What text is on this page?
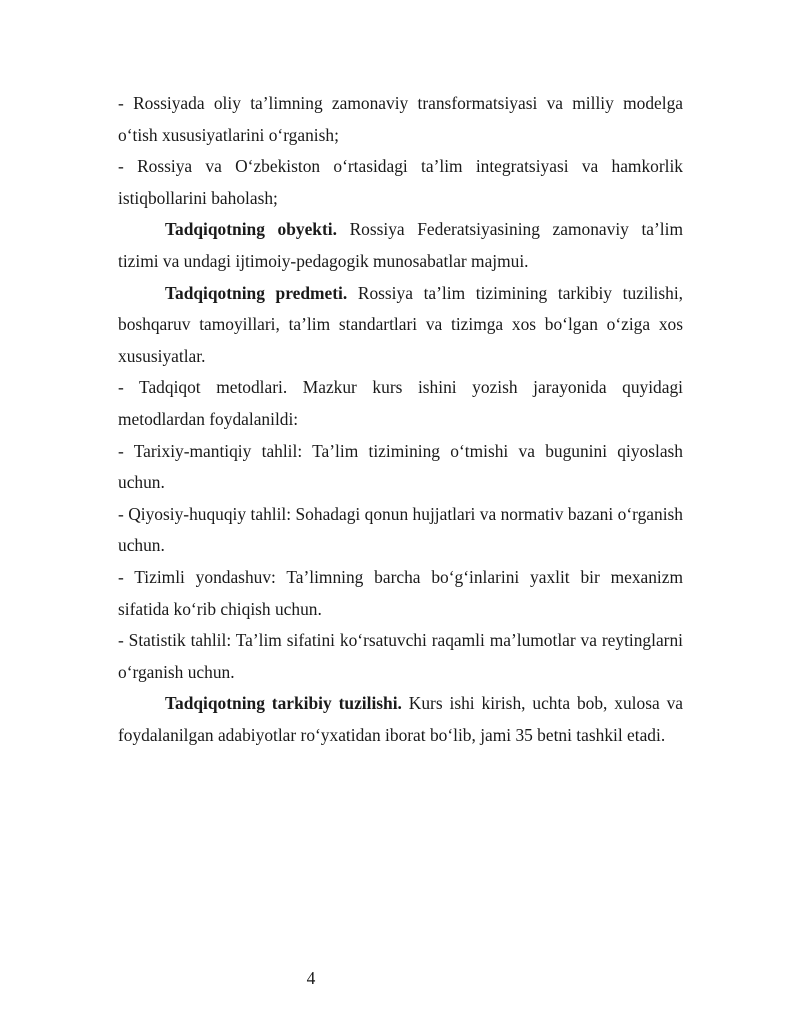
- Rossiyada oliy ta’limning zamonaviy transformatsiyasi va milliy modelga o‘tish xususiyatlarini o‘rganish;

- Rossiya va O‘zbekiston o‘rtasidagi ta’lim integratsiyasi va hamkorlik istiqbollarini baholash;

Tadqiqotning obyekti. Rossiya Federatsiyasining zamonaviy ta’lim tizimi va undagi ijtimoiy-pedagogik munosabatlar majmui.

Tadqiqotning predmeti. Rossiya ta’lim tizimining tarkibiy tuzilishi, boshqaruv tamoyillari, ta’lim standartlari va tizimga xos bo‘lgan o‘ziga xos xususiyatlar.

- Tadqiqot metodlari. Mazkur kurs ishini yozish jarayonida quyidagi metodlardan foydalanildi:

- Tarixiy-mantiqiy tahlil: Ta’lim tizimining o‘tmishi va bugunini qiyoslash uchun.

- Qiyosiy-huquqiy tahlil: Sohadagi qonun hujjatlari va normativ bazani o‘rganish uchun.

- Tizimli yondashuv: Ta’limning barcha bo‘g‘inlarini yaxlit bir mexanizm  sifatida ko‘rib chiqish uchun.

- Statistik tahlil: Ta’lim sifatini ko‘rsatuvchi raqamli ma’lumotlar va reytinglarni o‘rganish uchun.

Tadqiqotning tarkibiy tuzilishi. Kurs ishi kirish, uchta bob, xulosa va foydalanilgan adabiyotlar ro‘yxatidan iborat bo‘lib, jami 35 betni tashkil etadi.

4
